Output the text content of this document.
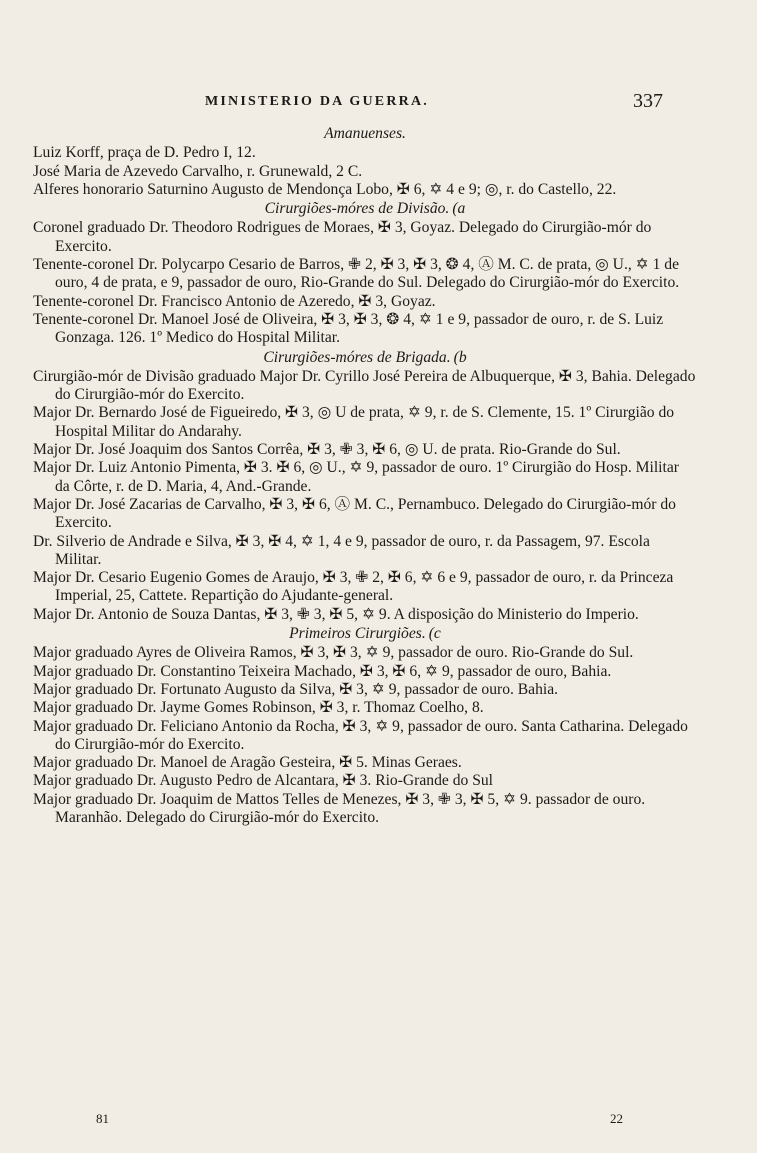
MINISTERIO DA GUERRA.	337

Amanuenses.

Luiz Korff, praça de D. Pedro I, 12.

José Maria de Azevedo Carvalho, r. Grunewald, 2 C.

Alferes honorario Saturnino Augusto de Mendonça Lobo, ✠ 6, ✡ 4 e 9; ◎, r. do Castello, 22.

Cirurgiões-móres de Divisão. (a

Coronel graduado Dr. Theodoro Rodrigues de Moraes, ✠ 3, Goyaz. Delegado do Cirurgião-mór do Exercito.

Tenente-coronel Dr. Polycarpo Cesario de Barros, ✙ 2, ✠ 3, ✠ 3, ❂ 4, Ⓐ M. C. de prata, ◎ U., ✡ 1 de ouro, 4 de prata, e 9, passador de ouro, Rio-Grande do Sul. Delegado do Cirurgião-mór do Exercito.

Tenente-coronel Dr. Francisco Antonio de Azeredo, ✠ 3, Goyaz.

Tenente-coronel Dr. Manoel José de Oliveira, ✠ 3, ✠ 3, ❂ 4, ✡ 1 e 9, passador de ouro, r. de S. Luiz Gonzaga. 126. 1º Medico do Hospital Militar.

Cirurgiões-móres de Brigada. (b

Cirurgião-mór de Divisão graduado Major Dr. Cyrillo José Pereira de Albuquerque, ✠ 3, Bahia. Delegado do Cirurgião-mór do Exercito.

Major Dr. Bernardo José de Figueiredo, ✠ 3, ◎ U de prata, ✡ 9, r. de S. Clemente, 15. 1º Cirurgião do Hospital Militar do Andarahy.

Major Dr. José Joaquim dos Santos Corrêa, ✠ 3, ✙ 3, ✠ 6, ◎ U. de prata. Rio-Grande do Sul.

Major Dr. Luiz Antonio Pimenta, ✠ 3. ✠ 6, ◎ U., ✡ 9, passador de ouro. 1º Cirurgião do Hosp. Militar da Côrte, r. de D. Maria, 4, And.-Grande.

Major Dr. José Zacarias de Carvalho, ✠ 3, ✠ 6, Ⓐ M. C., Pernambuco. Delegado do Cirurgião-mór do Exercito.

Dr. Silverio de Andrade e Silva, ✠ 3, ✠ 4, ✡ 1, 4 e 9, passador de ouro, r. da Passagem, 97. Escola Militar.

Major Dr. Cesario Eugenio Gomes de Araujo, ✠ 3, ✙ 2, ✠ 6, ✡ 6 e 9, passador de ouro, r. da Princeza Imperial, 25, Cattete. Repartição do Ajudante-general.

Major Dr. Antonio de Souza Dantas, ✠ 3, ✙ 3, ✠ 5, ✡ 9. A disposição do Ministerio do Imperio.

Primeiros Cirurgiões. (c

Major graduado Ayres de Oliveira Ramos, ✠ 3, ✠ 3, ✡ 9, passador de ouro. Rio-Grande do Sul.

Major graduado Dr. Constantino Teixeira Machado, ✠ 3, ✠ 6, ✡ 9, passador de ouro, Bahia.

Major graduado Dr. Fortunato Augusto da Silva, ✠ 3, ✡ 9, passador de ouro. Bahia.

Major graduado Dr. Jayme Gomes Robinson, ✠ 3, r. Thomaz Coelho, 8.

Major graduado Dr. Feliciano Antonio da Rocha, ✠ 3, ✡ 9, passador de ouro. Santa Catharina. Delegado do Cirurgião-mór do Exercito.

Major graduado Dr. Manoel de Aragão Gesteira, ✠ 5. Minas Geraes.

Major graduado Dr. Augusto Pedro de Alcantara, ✠ 3. Rio-Grande do Sul

Major graduado Dr. Joaquim de Mattos Telles de Menezes, ✠ 3, ✙ 3, ✠ 5, ✡ 9. passador de ouro. Maranhão. Delegado do Cirurgião-mór do Exercito.

81	22
